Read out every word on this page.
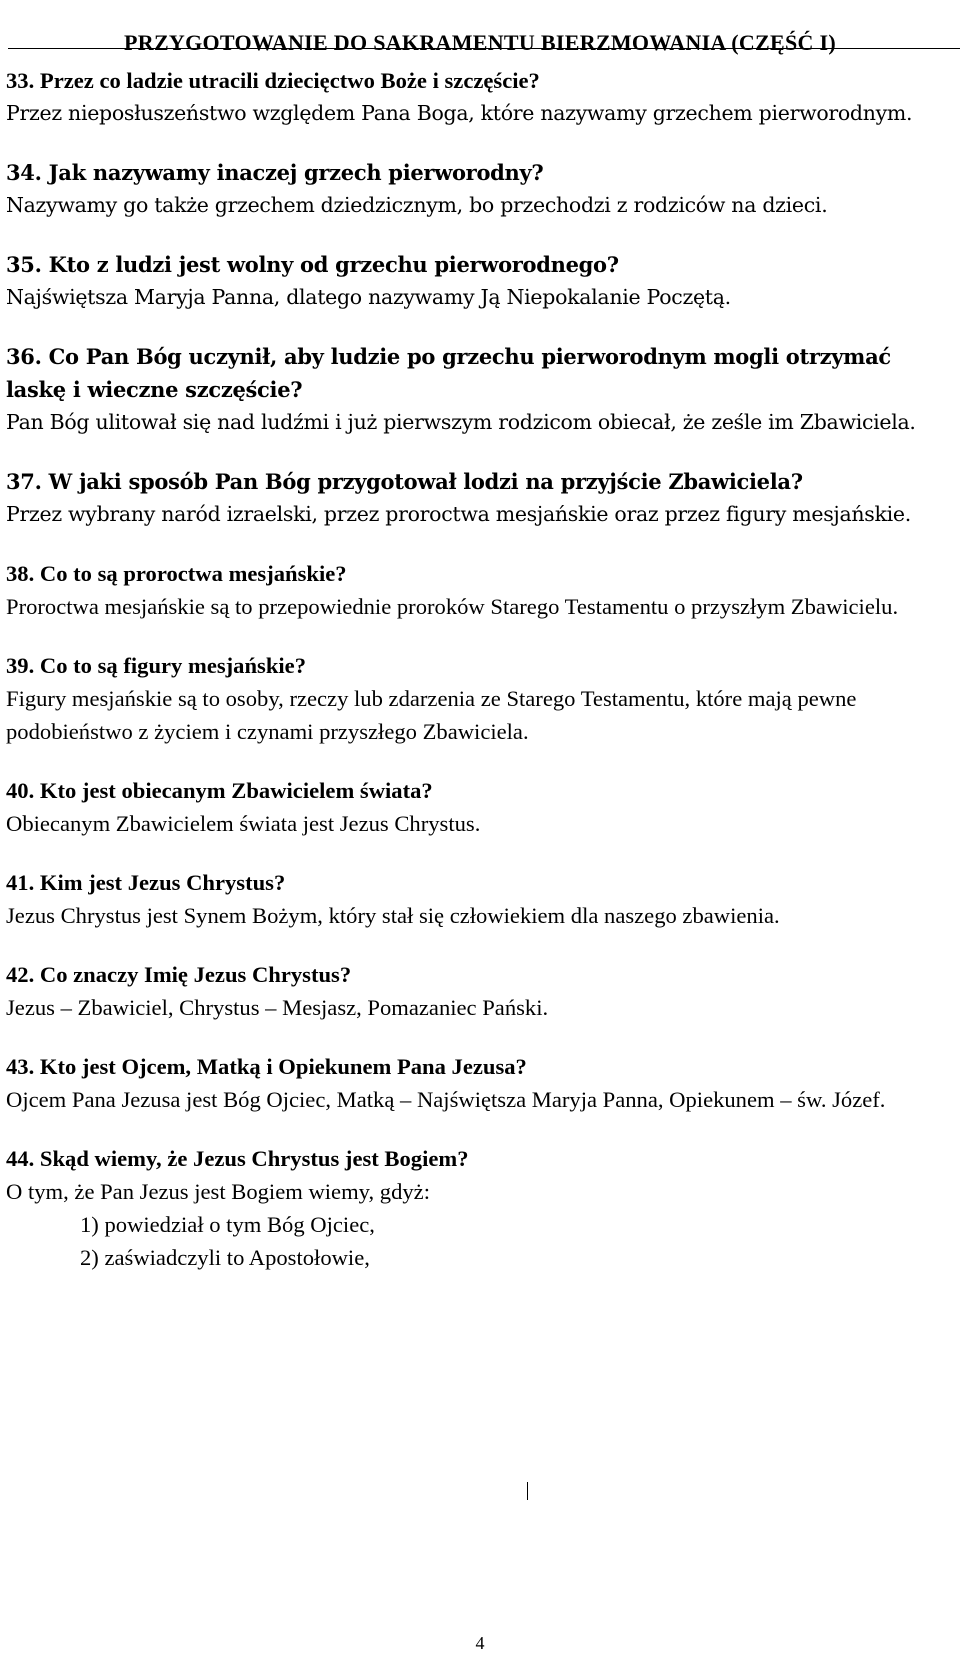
PRZYGOTOWANIE DO SAKRAMENTU BIERZMOWANIA (CZĘŚĆ I)
33. Przez co ladzie utracili dziecięctwo Boże i szczęście?
Przez nieposłuszeństwo względem Pana Boga, które nazywamy grzechem pierworodnym.
34. Jak nazywamy inaczej grzech pierworodny?
Nazywamy go także grzechem dziedzicznym, bo przechodzi z rodziców na dzieci.
35. Kto z ludzi jest wolny od grzechu pierworodnego?
Najświętsza Maryja Panna, dlatego nazywamy Ją Niepokalanie Poczętą.
36. Co Pan Bóg uczynił, aby ludzie po grzechu pierworodnym mogli otrzymać laskę i wieczne szczęście?
Pan Bóg ulitował się nad ludźmi i już pierwszym rodzicom obiecał, że ześle im Zbawiciela.
37. W jaki sposób Pan Bóg przygotował lodzi na przyjście Zbawiciela?
Przez wybrany naród izraelski, przez proroctwa mesjańskie oraz przez figury mesjańskie.
38. Co to są proroctwa mesjańskie?
Proroctwa mesjańskie są to przepowiednie proroków Starego Testamentu o przyszłym Zbawicielu.
39. Co to są figury mesjańskie?
Figury mesjańskie są to osoby, rzeczy lub zdarzenia ze Starego Testamentu, które mają pewne podobieństwo z życiem i czynami przyszłego Zbawiciela.
40. Kto jest obiecanym Zbawicielem świata?
Obiecanym Zbawicielem świata jest Jezus Chrystus.
41. Kim jest Jezus Chrystus?
Jezus Chrystus jest Synem Bożym, który stał się człowiekiem dla naszego zbawienia.
42. Co znaczy Imię Jezus Chrystus?
Jezus – Zbawiciel, Chrystus – Mesjasz, Pomazaniec Pański.
43. Kto jest Ojcem, Matką i Opiekunem Pana Jezusa?
Ojcem Pana Jezusa jest Bóg Ojciec, Matką – Najświętsza Maryja Panna, Opiekunem – św. Józef.
44. Skąd wiemy, że Jezus Chrystus jest Bogiem?
O tym, że Pan Jezus jest Bogiem wiemy, gdyż:
1) powiedział o tym Bóg Ojciec,
2) zaświadczyli to Apostołowie,
4
